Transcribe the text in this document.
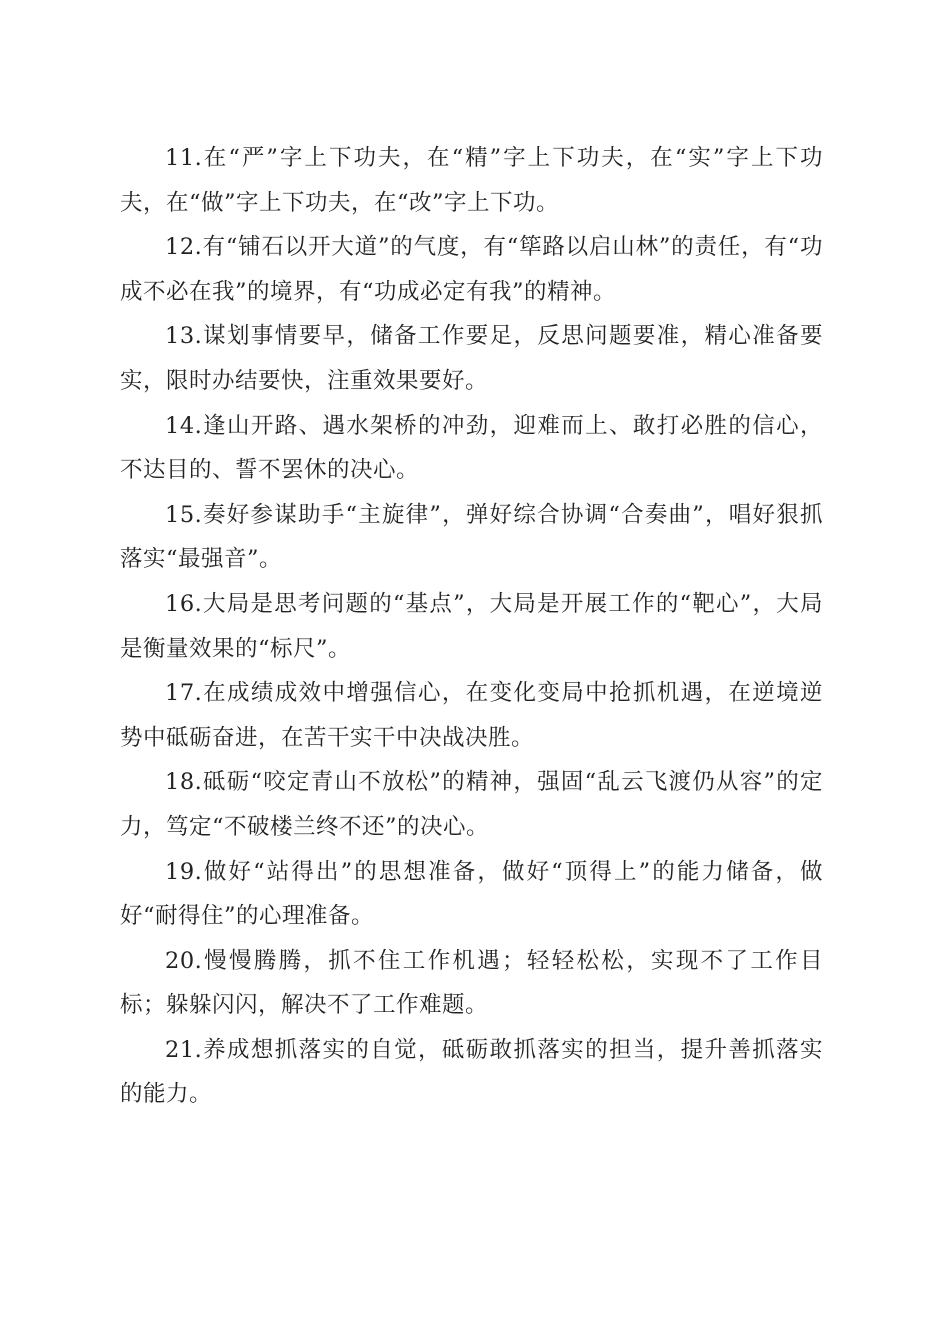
11.在“严”字上下功夫，在“精”字上下功夫，在“实”字上下功夫，在“做”字上下功夫，在“改”字上下功。

12.有“铺石以开大道”的气度，有“筚路以启山林”的责任，有“功成不必在我”的境界，有“功成必定有我”的精神。

13.谋划事情要早，储备工作要足，反思问题要准，精心准备要实，限时办结要快，注重效果要好。

14.逢山开路、遇水架桥的冲劲，迎难而上、敢打必胜的信心，不达目的、誓不罢休的决心。

15.奏好参谋助手“主旋律”，弹好综合协调“合奏曲”，唱好狠抓落实“最强音”。

16.大局是思考问题的“基点”，大局是开展工作的“靶心”，大局是衡量效果的“标尺”。

17.在成绩成效中增强信心，在变化变局中抢抓机遇，在逆境逆势中砥砺奋进，在苦干实干中决战决胜。

18.砥砺“咬定青山不放松”的精神，强固“乱云飞渡仍从容”的定力，笃定“不破楼兰终不还”的决心。

19.做好“站得出”的思想准备，做好“顶得上”的能力储备，做好“耐得住”的心理准备。

20.慢慢腾腾，抓不住工作机遇；轻轻松松，实现不了工作目标；躲躲闪闪，解决不了工作难题。

21.养成想抓落实的自觉，砥砺敢抓落实的担当，提升善抓落实的能力。
